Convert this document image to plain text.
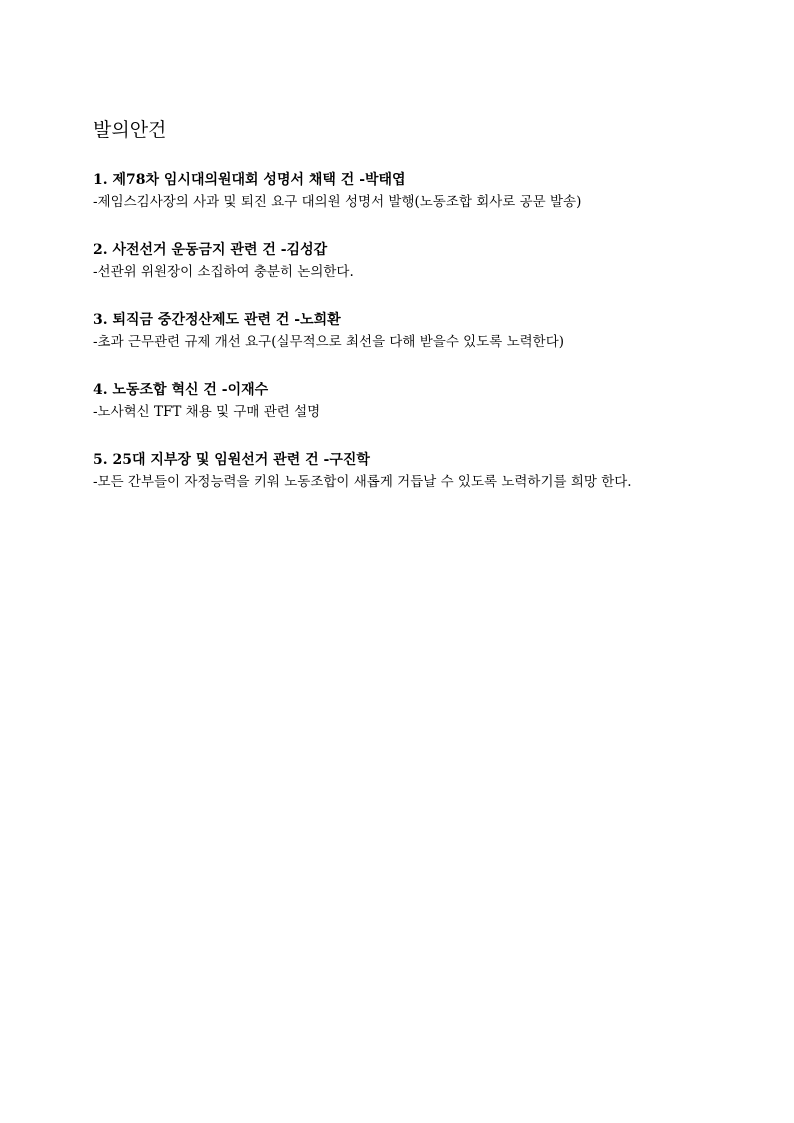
발의안건
1. 제78차 임시대의원대회 성명서 채택 건 -박태엽
-제임스김사장의 사과 및 퇴진 요구 대의원 성명서 발행(노동조합 회사로 공문 발송)
2. 사전선거 운동금지 관련 건 -김성갑
-선관위 위원장이 소집하여 충분히 논의한다.
3. 퇴직금 중간정산제도 관련 건 -노희환
-초과 근무관련 규제 개선 요구(실무적으로 최선을 다해 받을수 있도록 노력한다)
4. 노동조합 혁신 건 -이재수
-노사혁신 TFT 채용 및 구매 관련 설명
5. 25대 지부장 및 임원선거 관련 건 -구진학
-모든 간부들이 자정능력을 키워 노동조합이 새롭게 거듭날 수 있도록 노력하기를 희망 한다.
